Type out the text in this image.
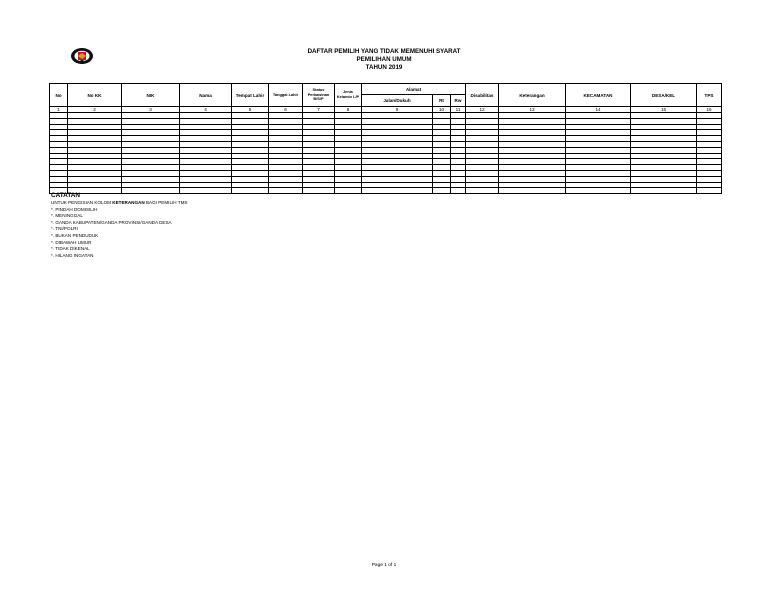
DAFTAR PEMILIH YANG TIDAK MEMENUHI SYARAT
PEMILIHAN UMUM
TAHUN 2019
No	No KK	NIK	Nama	Tempat Lahir	Tanggal Lahir	Status Perkawinan B/S/P	Jenis Kelamin L/P	Alamat			Disabilitas	Keterangan	KECAMATAN	DESA/KEL	TPS
								Jalan/Dukuh	Rt	Rw					
1	2	3	4	5	6	7	8	9	10	11	12	13	14	15	16

CATATAN
UNTUK PENGISIAN KOLOM KETERANGAN BAGI PEMILIH TMS
*. PINDAH DOMISILIH
*. MENINGGAL
*. GANDA KABUPATEN/GANDA PROVINSI/GANDA DESA
*. TNI/POLRI
*. BUKAN PENDUDUK
*. DIBAWAH UMUR
*. TIDAK DIKENAL
*. HILANG INGATAN
Page 1 of 1
